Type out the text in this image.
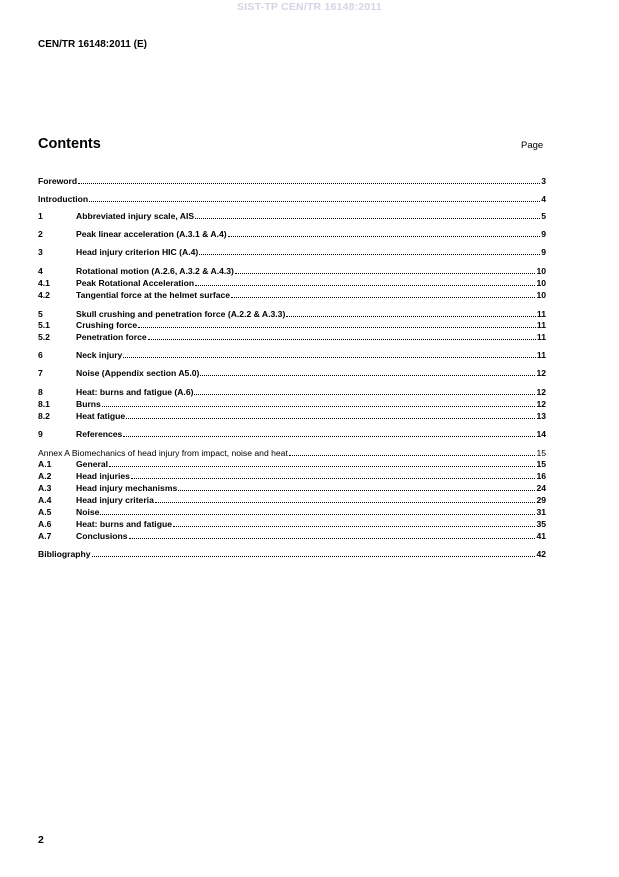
SIST-TP CEN/TR 16148:2011
CEN/TR 16148:2011 (E)
Contents	Page
Foreword	3
Introduction	4
1	Abbreviated injury scale, AIS	5
2	Peak linear acceleration (A.3.1 & A.4)	9
3	Head injury criterion HIC (A.4)	9
4	Rotational motion (A.2.6, A.3.2 & A.4.3)	10
4.1	Peak Rotational Acceleration	10
4.2	Tangential force at the helmet surface	10
5	Skull crushing and penetration force (A.2.2 & A.3.3)	11
5.1	Crushing force	11
5.2	Penetration force	11
6	Neck injury	11
7	Noise (Appendix section A5.0)	12
8	Heat: burns and fatigue (A.6)	12
8.1	Burns	12
8.2	Heat fatigue	13
9	References	14
Annex A Biomechanics of head injury from impact, noise and heat	15
A.1	General	15
A.2	Head injuries	16
A.3	Head injury mechanisms	24
A.4	Head injury criteria	29
A.5	Noise	31
A.6	Heat: burns and fatigue	35
A.7	Conclusions	41
Bibliography	42
2
